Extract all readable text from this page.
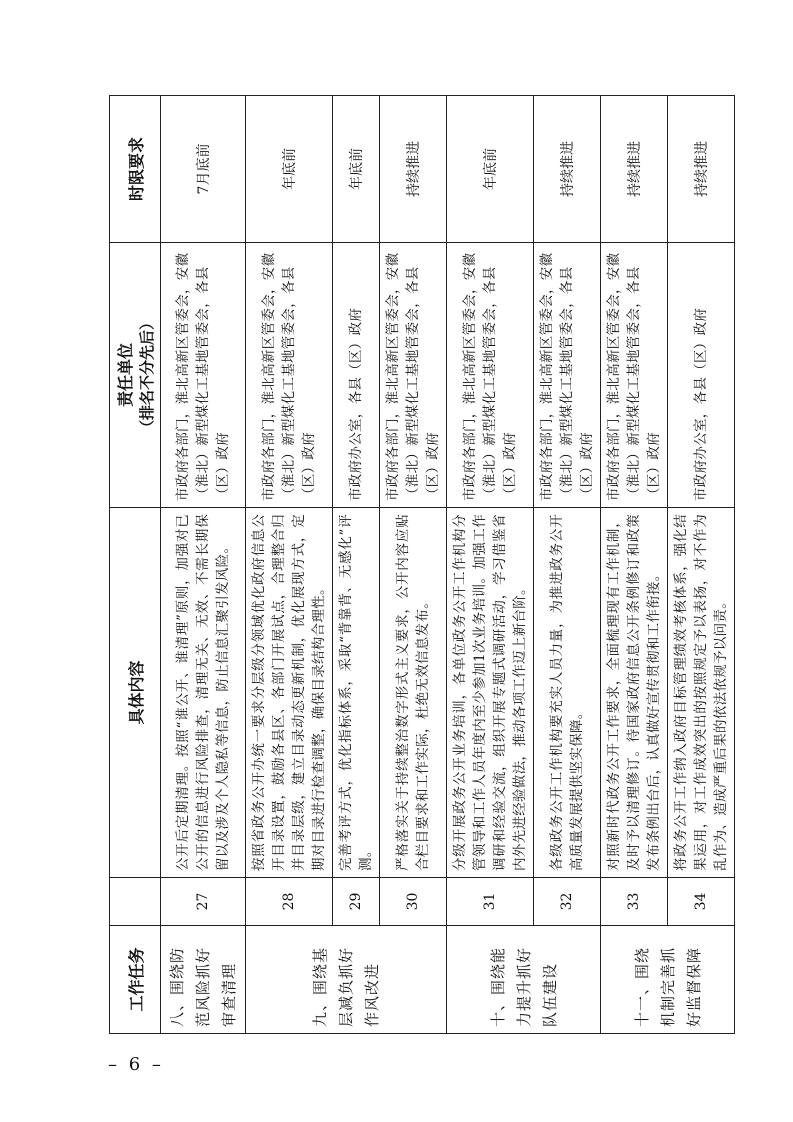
工作任务		具体内容	责任单位 （排名不分先后）	时限要求
八、围绕防范风险抓好审查清理	27	公开后定期清理。按照“谁公开、谁清理”原则，加强对已公开的信息进行风险排查，清理无关、无效、不需长期保留以及涉及个人隐私等信息，防止信息汇聚引发风险。	市政府各部门，淮北高新区管委会，安徽（淮北）新型煤化工基地管委会，各县（区）政府	7月底前
九、围绕基层减负抓好作风改进	28	按照省政务公开办统一要求分层级分领域优化政府信息公开目录设置，鼓励各县区、各部门开展试点，合理整合归并目录层级，建立目录动态更新机制，优化展现方式，定期对目录进行检查调整，确保目录结构合理性。	市政府各部门，淮北高新区管委会，安徽（淮北）新型煤化工基地管委会，各县（区）政府	年底前
	29	完善考评方式，优化指标体系，采取“背靠背、无感化”评测。	市政府办公室，各县（区）政府	年底前
	30	严格落实关于持续整治数字形式主义要求，公开内容应贴合栏目要求和工作实际，杜绝无效信息发布。	市政府各部门，淮北高新区管委会，安徽（淮北）新型煤化工基地管委会，各县（区）政府	持续推进
十、围绕能力提升抓好队伍建设	31	分级开展政务公开业务培训，各单位政务公开工作机构分管领导和工作人员年度内至少参加1次业务培训。加强工作调研和经验交流，组织开展专题式调研活动，学习借鉴省内外先进经验做法，推动各项工作迈上新台阶。	市政府各部门，淮北高新区管委会，安徽（淮北）新型煤化工基地管委会，各县（区）政府	年底前
	32	各级政务公开工作机构要充实人员力量，为推进政务公开高质量发展提供坚实保障。	市政府各部门，淮北高新区管委会，安徽（淮北）新型煤化工基地管委会，各县（区）政府	持续推进
十一、围绕机制完善抓好监督保障	33	对照新时代政务公开工作要求，全面梳理现有工作机制，及时予以清理修订。待国家政府信息公开条例修订和政策发布条例出台后，认真做好宣传贯彻和工作衔接。	市政府各部门，淮北高新区管委会，安徽（淮北）新型煤化工基地管委会，各县（区）政府	持续推进
	34	将政务公开工作纳入政府目标管理绩效考核体系，强化结果运用，对工作成效突出的按照规定予以表扬，对不作为乱作为、造成严重后果的依法依规予以问责。	市政府办公室，各县（区）政府	持续推进
– 6 –
